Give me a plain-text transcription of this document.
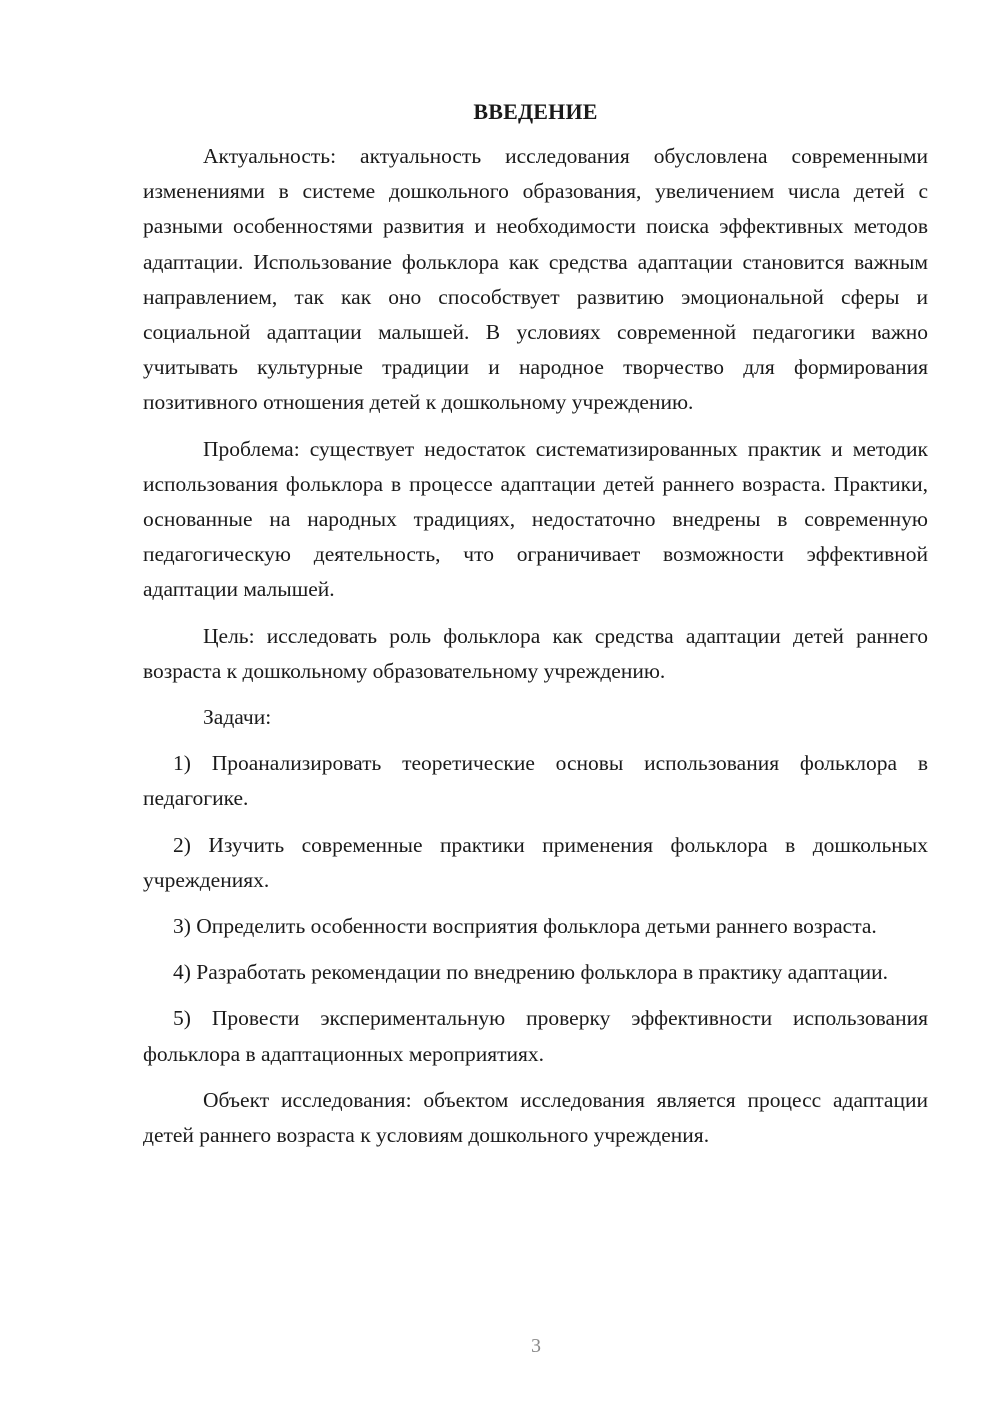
ВВЕДЕНИЕ

Актуальность: актуальность исследования обусловлена современными изменениями в системе дошкольного образования, увеличением числа детей с разными особенностями развития и необходимости поиска эффективных методов адаптации. Использование фольклора как средства адаптации становится важным направлением, так как оно способствует развитию эмоциональной сферы и социальной адаптации малышей. В условиях современной педагогики важно учитывать культурные традиции и народное творчество для формирования позитивного отношения детей к дошкольному учреждению.

Проблема: существует недостаток систематизированных практик и методик использования фольклора в процессе адаптации детей раннего возраста. Практики, основанные на народных традициях, недостаточно внедрены в современную педагогическую деятельность, что ограничивает возможности эффективной адаптации малышей.

Цель: исследовать роль фольклора как средства адаптации детей раннего возраста к дошкольному образовательному учреждению.

Задачи:

1) Проанализировать теоретические основы использования фольклора в педагогике.

2) Изучить современные практики применения фольклора в дошкольных учреждениях.

3) Определить особенности восприятия фольклора детьми раннего возраста.

4) Разработать рекомендации по внедрению фольклора в практику адаптации.

5) Провести экспериментальную проверку эффективности использования фольклора в адаптационных мероприятиях.

Объект исследования: объектом исследования является процесс адаптации детей раннего возраста к условиям дошкольного учреждения.

3
